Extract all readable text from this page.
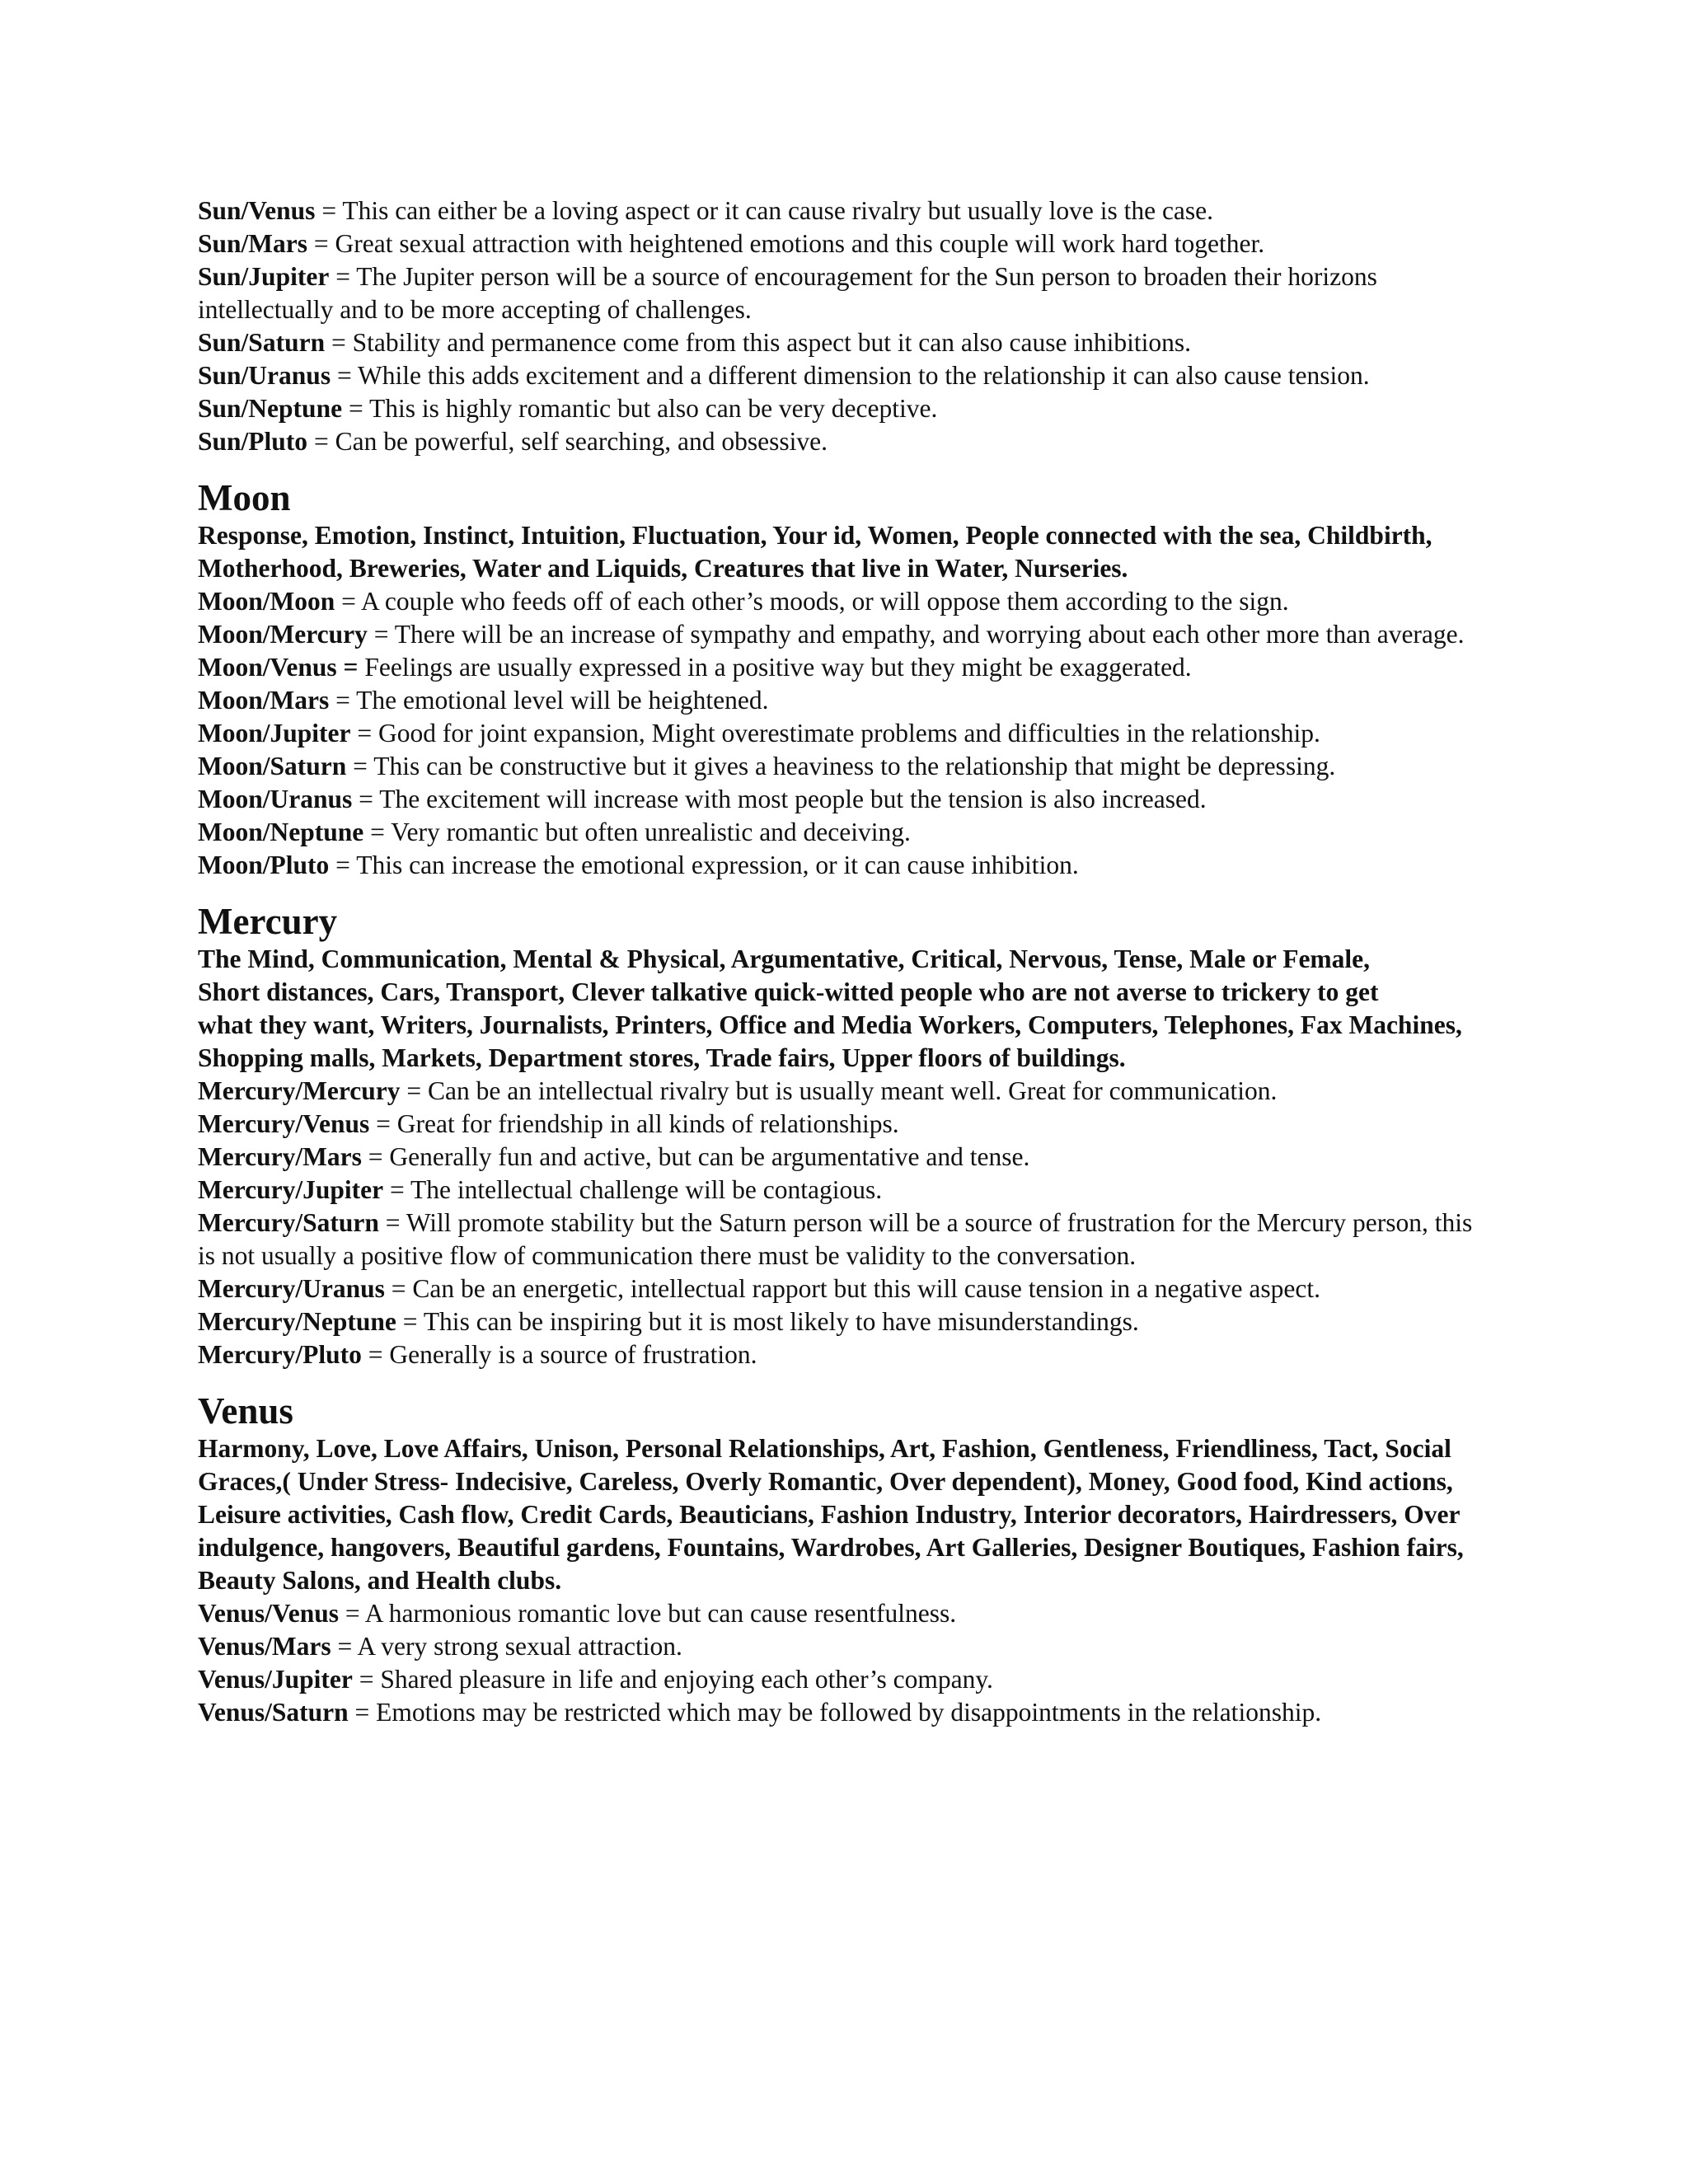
Sun/Venus = This can either be a loving aspect or it can cause rivalry but usually love is the case.

Sun/Mars = Great sexual attraction with heightened emotions and this couple will work hard together.

Sun/Jupiter = The Jupiter person will be a source of encouragement for the Sun person to broaden their horizons intellectually and to be more accepting of challenges.

Sun/Saturn = Stability and permanence come from this aspect but it can also cause inhibitions.

Sun/Uranus = While this adds excitement and a different dimension to the relationship it can also cause tension.

Sun/Neptune = This is highly romantic but also can be very deceptive.

Sun/Pluto = Can be powerful, self searching, and obsessive.

Moon

Response, Emotion, Instinct, Intuition, Fluctuation, Your id, Women, People connected with the sea, Childbirth, Motherhood, Breweries, Water and Liquids, Creatures that live in Water, Nurseries.

Moon/Moon = A couple who feeds off of each other’s moods, or will oppose them according to the sign.

Moon/Mercury = There will be an increase of sympathy and empathy, and worrying about each other more than average.

Moon/Venus = Feelings are usually expressed in a positive way but they might be exaggerated.

Moon/Mars = The emotional level will be heightened.

Moon/Jupiter = Good for joint expansion, Might overestimate problems and difficulties in the relationship.

Moon/Saturn = This can be constructive but it gives a heaviness to the relationship that might be depressing.

Moon/Uranus = The excitement will increase with most people but the tension is also increased.

Moon/Neptune = Very romantic but often unrealistic and deceiving.

Moon/Pluto = This can increase the emotional expression, or it can cause inhibition.

Mercury

The Mind, Communication, Mental & Physical, Argumentative, Critical, Nervous, Tense, Male or Female,

Short distances, Cars, Transport, Clever talkative quick-witted people who are not averse to trickery to get

what they want, Writers, Journalists, Printers, Office and Media Workers, Computers, Telephones, Fax Machines, Shopping malls, Markets, Department stores, Trade fairs, Upper floors of buildings.

Mercury/Mercury = Can be an intellectual rivalry but is usually meant well. Great for communication.

Mercury/Venus = Great for friendship in all kinds of relationships.

Mercury/Mars = Generally fun and active, but can be argumentative and tense.

Mercury/Jupiter = The intellectual challenge will be contagious.

Mercury/Saturn = Will promote stability but the Saturn person will be a source of frustration for the Mercury person, this is not usually a positive flow of communication there must be validity to the conversation.

Mercury/Uranus = Can be an energetic, intellectual rapport but this will cause tension in a negative aspect.

Mercury/Neptune = This can be inspiring but it is most likely to have misunderstandings.

Mercury/Pluto = Generally is a source of frustration.

Venus

Harmony, Love, Love Affairs, Unison, Personal Relationships, Art, Fashion, Gentleness, Friendliness, Tact, Social Graces,( Under Stress- Indecisive, Careless, Overly Romantic, Over dependent), Money, Good food, Kind actions, Leisure activities, Cash flow, Credit Cards, Beauticians, Fashion Industry, Interior decorators, Hairdressers, Over indulgence, hangovers, Beautiful gardens, Fountains, Wardrobes, Art Galleries, Designer Boutiques, Fashion fairs, Beauty Salons, and Health clubs.

Venus/Venus = A harmonious romantic love but can cause resentfulness.

Venus/Mars = A very strong sexual attraction.

Venus/Jupiter = Shared pleasure in life and enjoying each other’s company.

Venus/Saturn = Emotions may be restricted which may be followed by disappointments in the relationship.
